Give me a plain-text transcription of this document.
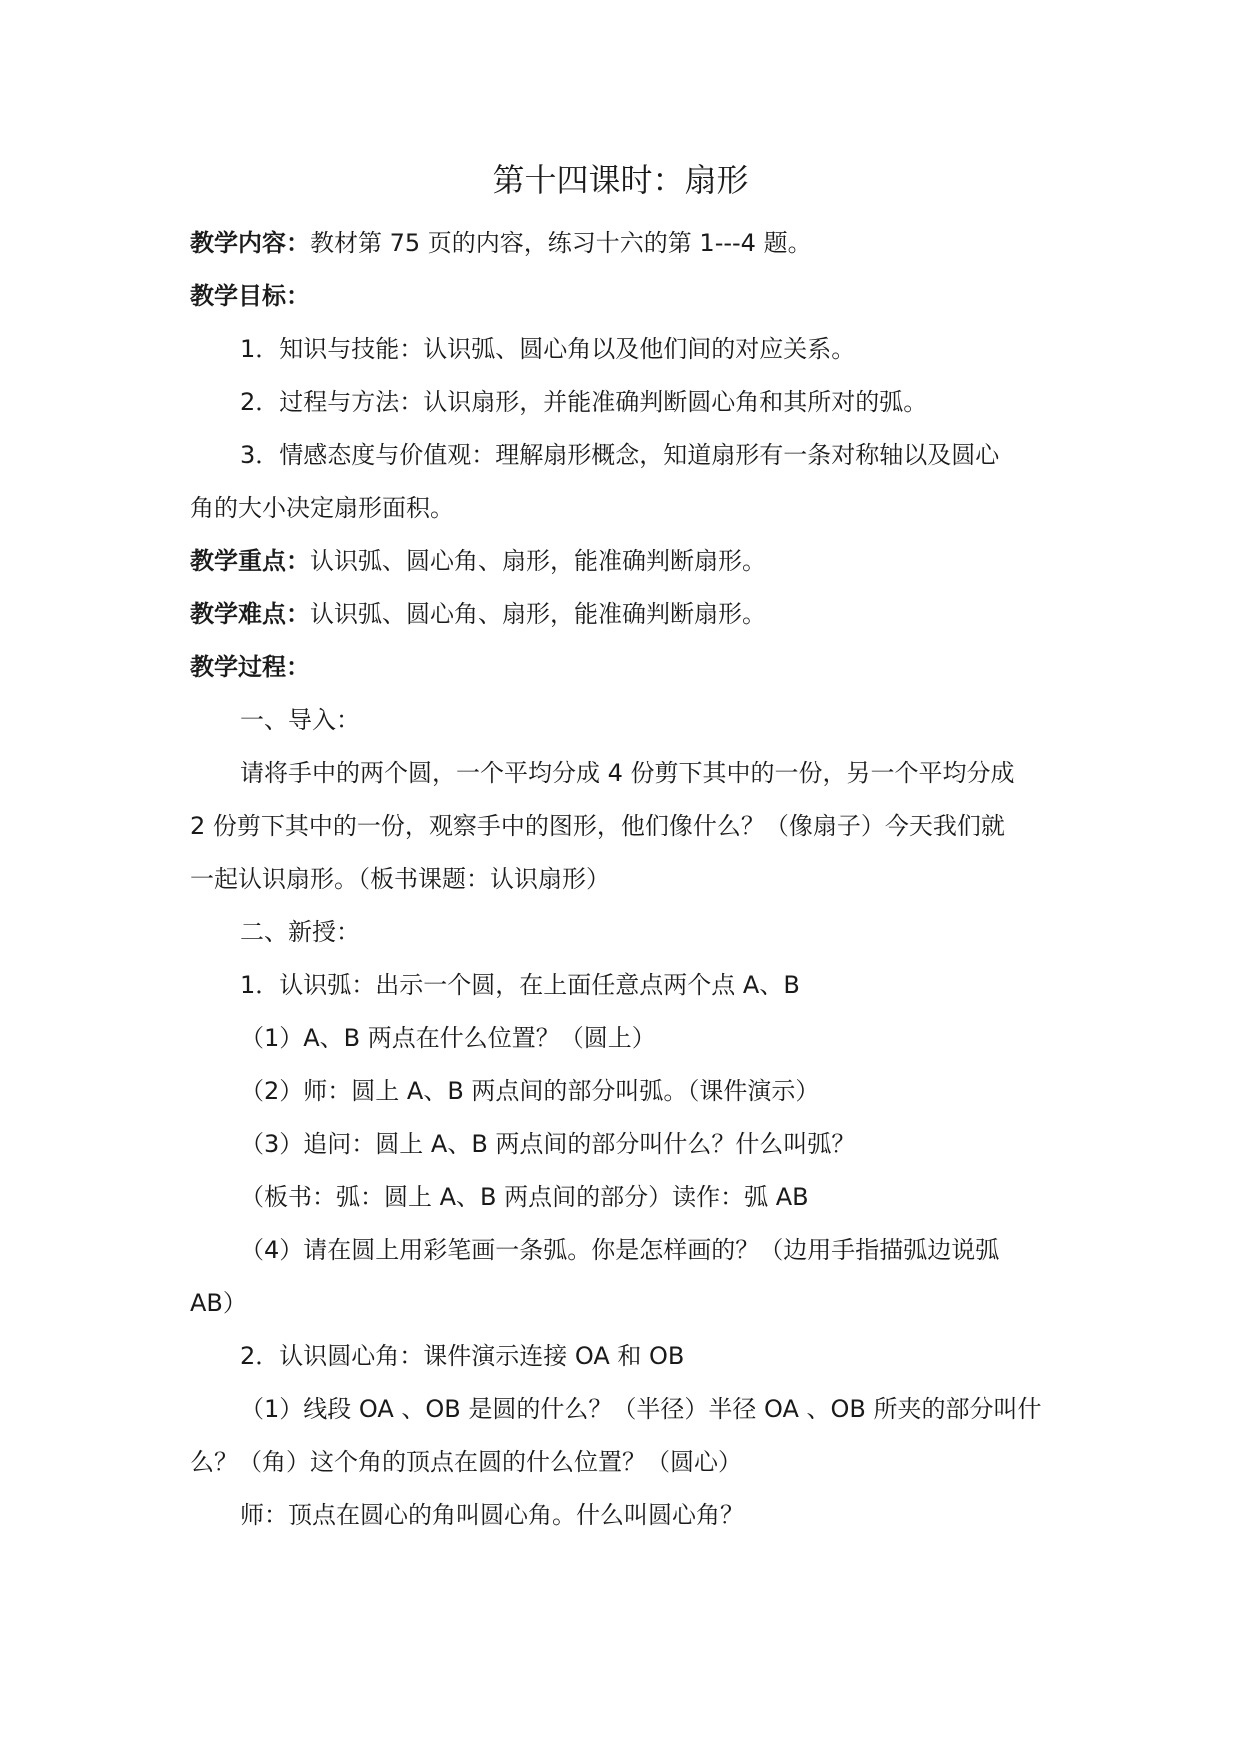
第十四课时：扇形
教学内容：教材第 75 页的内容，练习十六的第 1---4 题。
教学目标：
1．知识与技能：认识弧、圆心角以及他们间的对应关系。
2．过程与方法：认识扇形，并能准确判断圆心角和其所对的弧。
3．情感态度与价值观：理解扇形概念，知道扇形有一条对称轴以及圆心
角的大小决定扇形面积。
教学重点：认识弧、圆心角、扇形，能准确判断扇形。
教学难点：认识弧、圆心角、扇形，能准确判断扇形。
教学过程：
一、导入：
请将手中的两个圆，一个平均分成 4 份剪下其中的一份，另一个平均分成
2 份剪下其中的一份，观察手中的图形，他们像什么？（像扇子）今天我们就
一起认识扇形。（板书课题：认识扇形）
二、新授：
1．认识弧：出示一个圆，在上面任意点两个点 A、B
（1）A、B 两点在什么位置？（圆上）
（2）师：圆上 A、B 两点间的部分叫弧。（课件演示）
（3）追问：圆上 A、B 两点间的部分叫什么？什么叫弧？
（板书：弧：圆上 A、B 两点间的部分）读作：弧 AB
（4）请在圆上用彩笔画一条弧。你是怎样画的？（边用手指描弧边说弧
AB）
2．认识圆心角：课件演示连接 OA 和 OB
（1）线段 OA 、OB 是圆的什么？（半径）半径 OA 、OB 所夹的部分叫什
么？（角）这个角的顶点在圆的什么位置？（圆心）
师：顶点在圆心的角叫圆心角。什么叫圆心角？
